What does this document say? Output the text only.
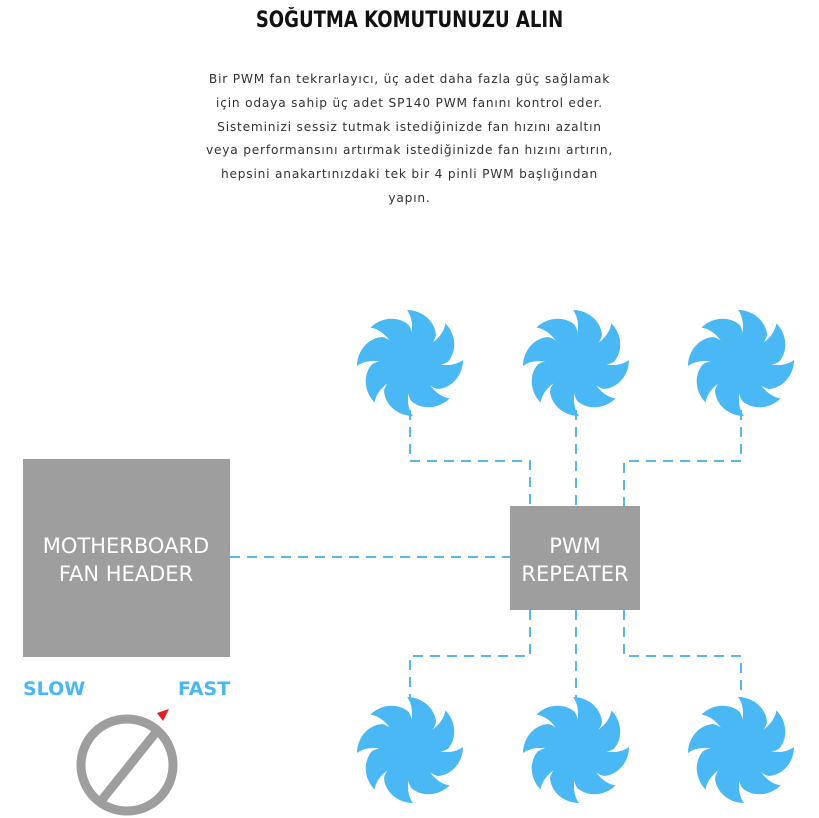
SOĞUTMA KOMUTUNUZU ALIN
Bir PWM fan tekrarlayıcı, üç adet daha fazla güç sağlamak
için odaya sahip üç adet SP140 PWM fanını kontrol eder.
Sisteminizi sessiz tutmak istediğinizde fan hızını azaltın
veya performansını artırmak istediğinizde fan hızını artırın,
hepsini anakartınızdaki tek bir 4 pinli PWM başlığından
yapın.
MOTHERBOARD
FAN HEADER
PWM
REPEATER
SLOW	FAST
